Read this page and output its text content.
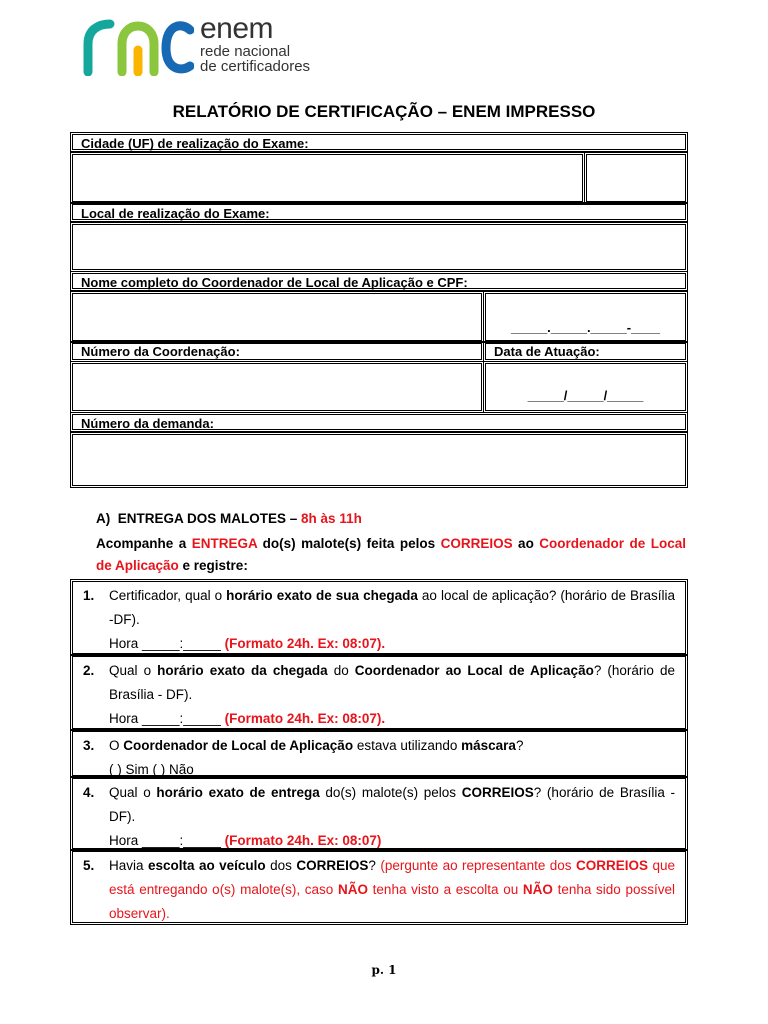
enem
rede nacional
de certificadores
RELATÓRIO DE CERTIFICAÇÃO – ENEM IMPRESSO
Cidade (UF) de realização do Exame:
Local de realização do Exame:
Nome completo do Coordenador de Local de Aplicação e CPF:
_____._____._____-____
Número da Coordenação:	Data de Atuação:
_____/_____/_____
Número da demanda:
A) ENTREGA DOS MALOTES – 8h às 11h
Acompanhe a ENTREGA do(s) malote(s) feita pelos CORREIOS ao Coordenador de Local de Aplicação e registre:
1. Certificador, qual o horário exato de sua chegada ao local de aplicação? (horário de Brasília -DF).
Hora _____:_____ (Formato 24h. Ex: 08:07).
2. Qual o horário exato da chegada do Coordenador ao Local de Aplicação? (horário de Brasília - DF).
Hora _____:_____ (Formato 24h. Ex: 08:07).
3. O Coordenador de Local de Aplicação estava utilizando máscara?
( ) Sim ( ) Não
4. Qual o horário exato de entrega do(s) malote(s) pelos CORREIOS? (horário de Brasília - DF).
Hora _____:_____ (Formato 24h. Ex: 08:07)
5. Havia escolta ao veículo dos CORREIOS? (pergunte ao representante dos CORREIOS que está entregando o(s) malote(s), caso NÃO tenha visto a escolta ou NÃO tenha sido possível observar).
p. 1
